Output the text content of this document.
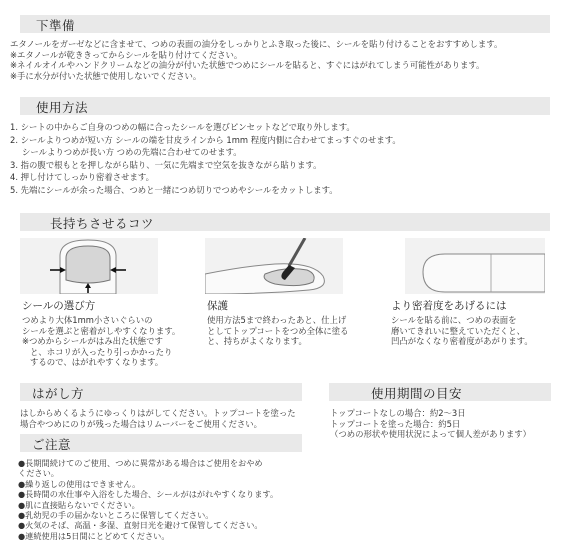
下準備
エタノールをガーゼなどに含ませて、つめの表面の油分をしっかりとふき取った後に、シールを貼り付けることをおすすめします。
※エタノールが乾ききってからシールを貼り付けてください。
※ネイルオイルやハンドクリームなどの油分が付いた状態でつめにシールを貼ると、すぐにはがれてしまう可能性があります。
※手に水分が付いた状態で使用しないでください。
使用方法
1. シートの中からご自身のつめの幅に合ったシールを選びピンセットなどで取り外します。
2. シールよりつめが短い方 シールの端を甘皮ラインから 1mm 程度内側に合わせてまっすぐのせます。
シールよりつめが長い方 つめの先端に合わせてのせます。
3. 指の腹で根もとを押しながら貼り、一気に先端まで空気を抜きながら貼ります。
4. 押し付けてしっかり密着させます。
5. 先端にシールが余った場合、つめと一緒につめ切りでつめやシールをカットします。
長持ちさせるコツ
シールの選び方	保護	より密着度をあげるには
つめより大体1mm小さいぐらいの
シールを選ぶと密着がしやすくなります。
※つめからシールがはみ出た状態です
と、ホコリが入ったり引っかかったり
するので、はがれやすくなります。
使用方法5まで終わったあと、仕上げ
としてトップコートをつめ全体に塗る
と、持ちがよくなります。
シールを貼る前に、つめの表面を
磨いてきれいに整えていただくと、
凹凸がなくなり密着度があがります。
はがし方
はしからめくるようにゆっくりはがしてください。トップコートを塗った
場合やつめにのりが残った場合はリムーバーをご使用ください。
使用期間の目安
トップコートなしの場合：約2〜3日
トップコートを塗った場合：約5日
（つめの形状や使用状況によって個人差があります）
ご注意
●長期間続けてのご使用、つめに異常がある場合はご使用をおやめ
ください。
●繰り返しの使用はできません。
●長時間の水仕事や入浴をした場合、シールがはがれやすくなります。
●肌に直接貼らないでください。
●乳幼児の手の届かないところに保管してください。
●火気のそば、高温・多湿、直射日光を避けて保管してください。
●連続使用は5日間にとどめてください。
